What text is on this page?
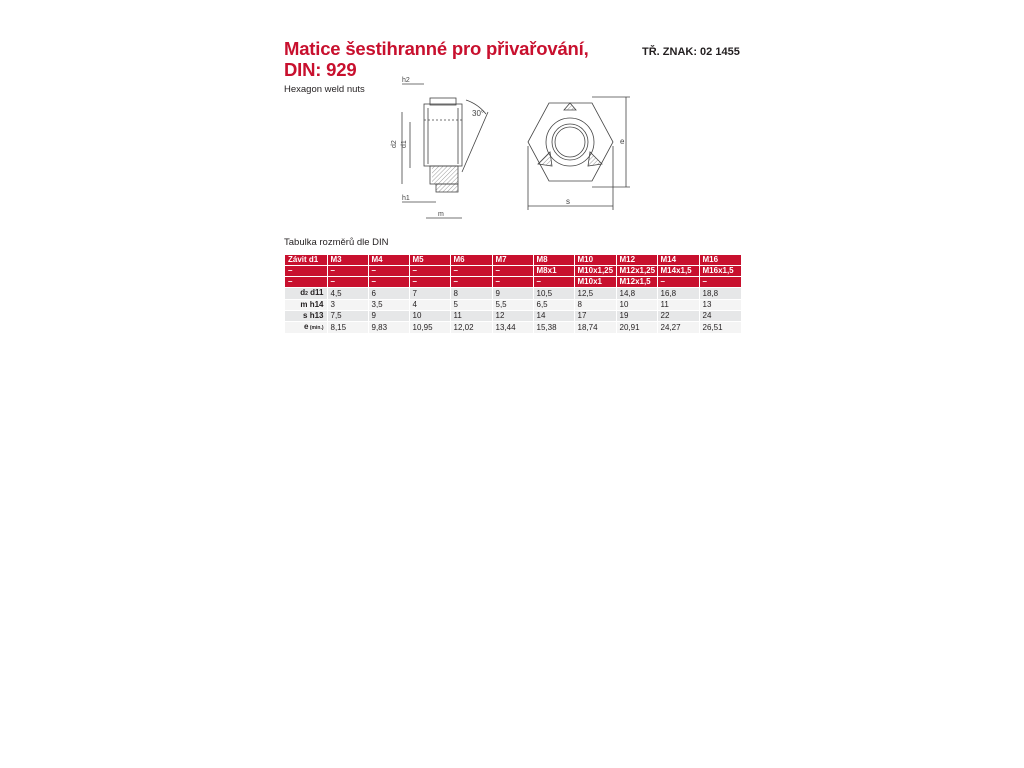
Matice šestihranné pro přivařování,
DIN: 929
TŘ. ZNAK: 02 1455
Hexagon weld nuts
h2
30°
d2 d1
h1
m
e
s
Tabulka rozměrů dle DIN
Závit d1	M3	M4	M5	M6	M7	M8	M10	M12	M14	M16
–	–	–	–	–	–	M8x1	M10x1,25	M12x1,25	M14x1,5	M16x1,5
–	–	–	–	–	–	–	M10x1	M12x1,5	–	–
d2 d11	4,5	6	7	8	9	10,5	12,5	14,8	16,8	18,8
m h14	3	3,5	4	5	5,5	6,5	8	10	11	13
s h13	7,5	9	10	11	12	14	17	19	22	24
e (min.)	8,15	9,83	10,95	12,02	13,44	15,38	18,74	20,91	24,27	26,51
